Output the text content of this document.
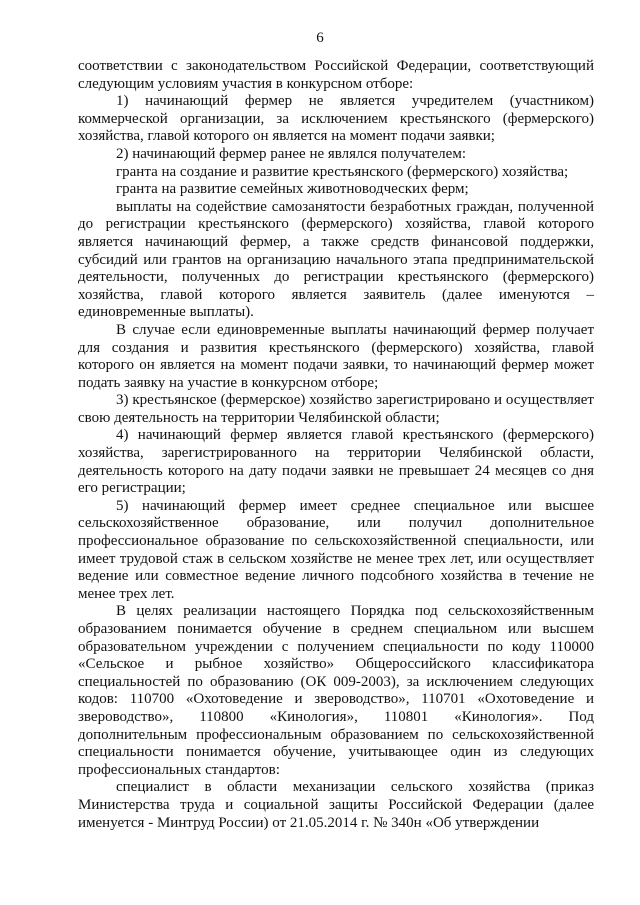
6

соответствии с законодательством Российской Федерации, соответствующий следующим условиям участия в конкурсном отборе:

1) начинающий фермер не является учредителем (участником) коммерческой организации, за исключением крестьянского (фермерского) хозяйства, главой которого он является на момент подачи заявки;

2) начинающий фермер ранее не являлся получателем:

гранта на создание и развитие крестьянского (фермерского) хозяйства;

гранта на развитие семейных животноводческих ферм;

выплаты на содействие самозанятости безработных граждан, полученной до регистрации крестьянского (фермерского) хозяйства, главой которого является начинающий фермер, а также средств финансовой поддержки, субсидий или грантов на организацию начального этапа предпринимательской деятельности, полученных до регистрации крестьянского (фермерского) хозяйства, главой которого является заявитель (далее именуются – единовременные выплаты).

В случае если единовременные выплаты начинающий фермер получает для создания и развития крестьянского (фермерского) хозяйства, главой которого он является на момент подачи заявки, то начинающий фермер может подать заявку на участие в конкурсном отборе;

3) крестьянское (фермерское) хозяйство зарегистрировано и осуществляет свою деятельность на территории Челябинской области;

4) начинающий фермер является главой крестьянского (фермерского) хозяйства, зарегистрированного на территории Челябинской области, деятельность которого на дату подачи заявки не превышает 24 месяцев со дня его регистрации;

5) начинающий фермер имеет среднее специальное или высшее сельскохозяйственное образование, или получил дополнительное профессиональное образование по сельскохозяйственной специальности, или имеет трудовой стаж в сельском хозяйстве не менее трех лет, или осуществляет ведение или совместное ведение личного подсобного хозяйства в течение не менее трех лет.

В целях реализации настоящего Порядка под сельскохозяйственным образованием понимается обучение в среднем специальном или высшем образовательном учреждении с получением специальности по коду 110000 «Сельское и рыбное хозяйство» Общероссийского классификатора специальностей по образованию (ОК 009-2003), за исключением следующих кодов: 110700 «Охотоведение и звероводство», 110701 «Охотоведение и звероводство», 110800 «Кинология», 110801 «Кинология». Под дополнительным профессиональным образованием по сельскохозяйственной специальности понимается обучение, учитывающее один из следующих профессиональных стандартов:

специалист в области механизации сельского хозяйства (приказ Министерства труда и социальной защиты Российской Федерации (далее именуется - Минтруд России) от 21.05.2014 г. № 340н «Об утверждении
